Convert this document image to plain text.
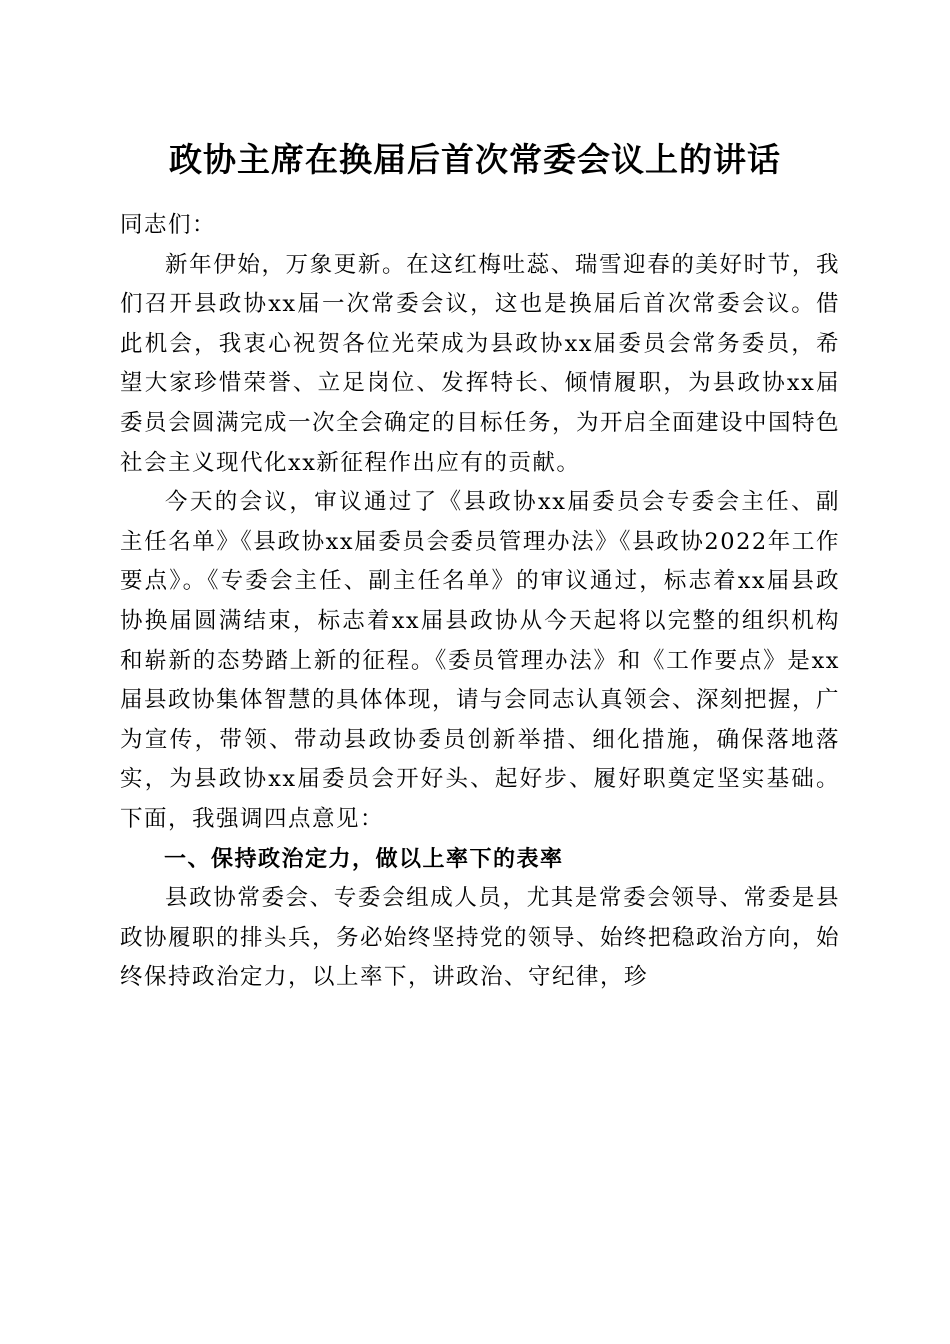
政协主席在换届后首次常委会议上的讲话

同志们：

新年伊始，万象更新。在这红梅吐蕊、瑞雪迎春的美好时节，我们召开县政协xx届一次常委会议，这也是换届后首次常委会议。借此机会，我衷心祝贺各位光荣成为县政协xx届委员会常务委员，希望大家珍惜荣誉、立足岗位、发挥特长、倾情履职，为县政协xx届委员会圆满完成一次全会确定的目标任务，为开启全面建设中国特色社会主义现代化xx新征程作出应有的贡献。

今天的会议，审议通过了《县政协xx届委员会专委会主任、副主任名单》《县政协xx届委员会委员管理办法》《县政协2022年工作要点》。《专委会主任、副主任名单》的审议通过，标志着xx届县政协换届圆满结束，标志着xx届县政协从今天起将以完整的组织机构和崭新的态势踏上新的征程。《委员管理办法》和《工作要点》是xx届县政协集体智慧的具体体现，请与会同志认真领会、深刻把握，广为宣传，带领、带动县政协委员创新举措、细化措施，确保落地落实，为县政协xx届委员会开好头、起好步、履好职奠定坚实基础。下面，我强调四点意见：

一、保持政治定力，做以上率下的表率

县政协常委会、专委会组成人员，尤其是常委会领导、常委是县政协履职的排头兵，务必始终坚持党的领导、始终把稳政治方向，始终保持政治定力，以上率下，讲政治、守纪律，珍
